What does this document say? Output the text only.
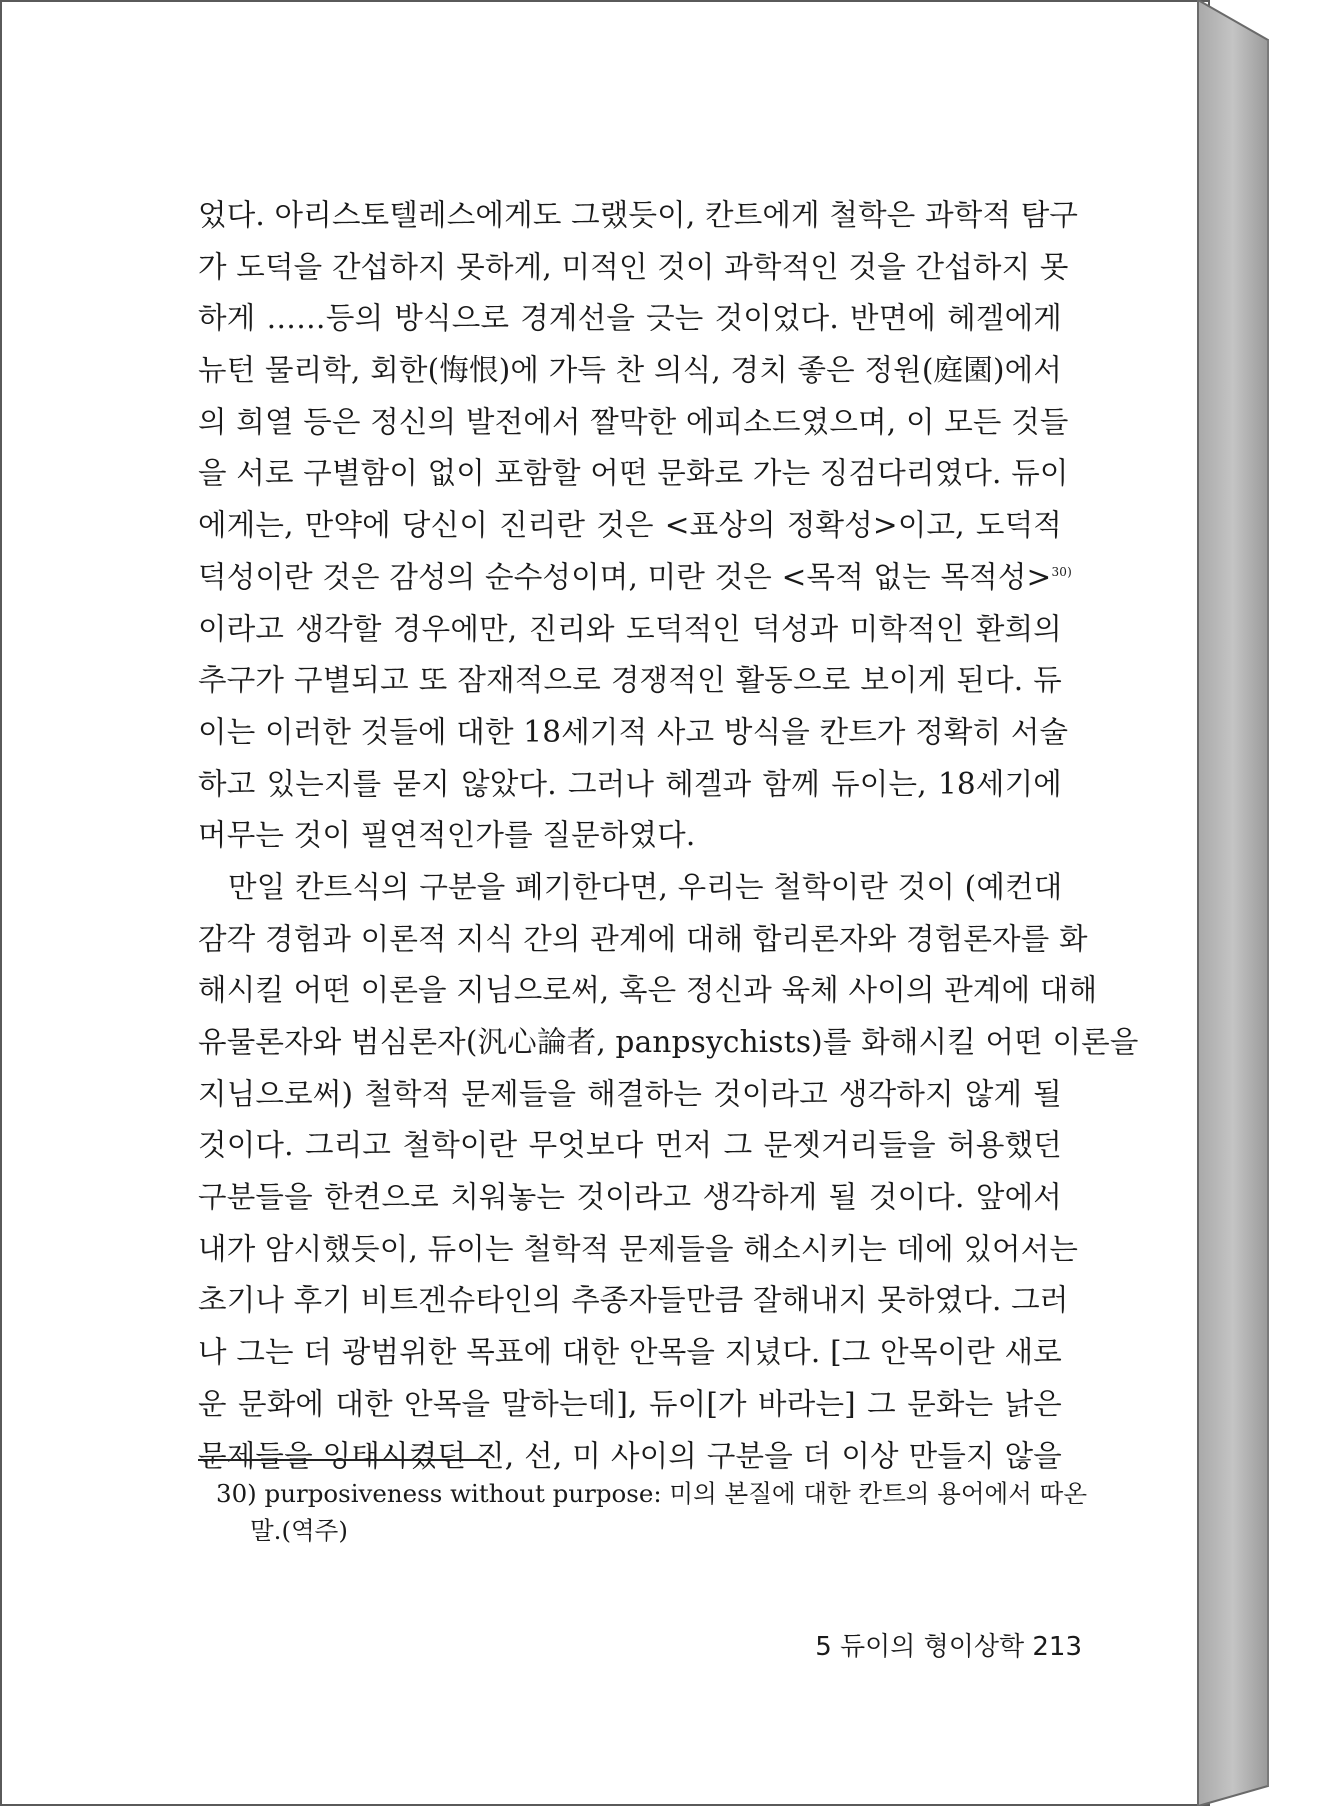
었다. 아리스토텔레스에게도 그랬듯이, 칸트에게 철학은 과학적 탐구
가 도덕을 간섭하지 못하게, 미적인 것이 과학적인 것을 간섭하지 못
하게 ……등의 방식으로 경계선을 긋는 것이었다. 반면에 헤겔에게
뉴턴 물리학, 회한(悔恨)에 가득 찬 의식, 경치 좋은 정원(庭園)에서
의 희열 등은 정신의 발전에서 짤막한 에피소드였으며, 이 모든 것들
을 서로 구별함이 없이 포함할 어떤 문화로 가는 징검다리였다. 듀이
에게는, 만약에 당신이 진리란 것은 <표상의 정확성>이고, 도덕적
덕성이란 것은 감성의 순수성이며, 미란 것은 <목적 없는 목적성>$^{30)}$
이라고 생각할 경우에만, 진리와 도덕적인 덕성과 미학적인 환희의
추구가 구별되고 또 잠재적으로 경쟁적인 활동으로 보이게 된다. 듀
이는 이러한 것들에 대한 18세기적 사고 방식을 칸트가 정확히 서술
하고 있는지를 묻지 않았다. 그러나 헤겔과 함께 듀이는, 18세기에
머무는 것이 필연적인가를 질문하였다.
만일 칸트식의 구분을 폐기한다면, 우리는 철학이란 것이 (예컨대
감각 경험과 이론적 지식 간의 관계에 대해 합리론자와 경험론자를 화
해시킬 어떤 이론을 지님으로써, 혹은 정신과 육체 사이의 관계에 대해
유물론자와 범심론자(汎心論者, panpsychists)를 화해시킬 어떤 이론을
지님으로써) 철학적 문제들을 해결하는 것이라고 생각하지 않게 될
것이다. 그리고 철학이란 무엇보다 먼저 그 문젯거리들을 허용했던
구분들을 한켠으로 치워놓는 것이라고 생각하게 될 것이다. 앞에서
내가 암시했듯이, 듀이는 철학적 문제들을 해소시키는 데에 있어서는
초기나 후기 비트겐슈타인의 추종자들만큼 잘해내지 못하였다. 그러
나 그는 더 광범위한 목표에 대한 안목을 지녔다. [그 안목이란 새로
운 문화에 대한 안목을 말하는데], 듀이[가 바라는] 그 문화는 낡은
문제들을 잉태시켰던 진, 선, 미 사이의 구분을 더 이상 만들지 않을
30) purposiveness without purpose: 미의 본질에 대한 칸트의 용어에서 따온
말.(역주)
5 듀이의 형이상학 213
